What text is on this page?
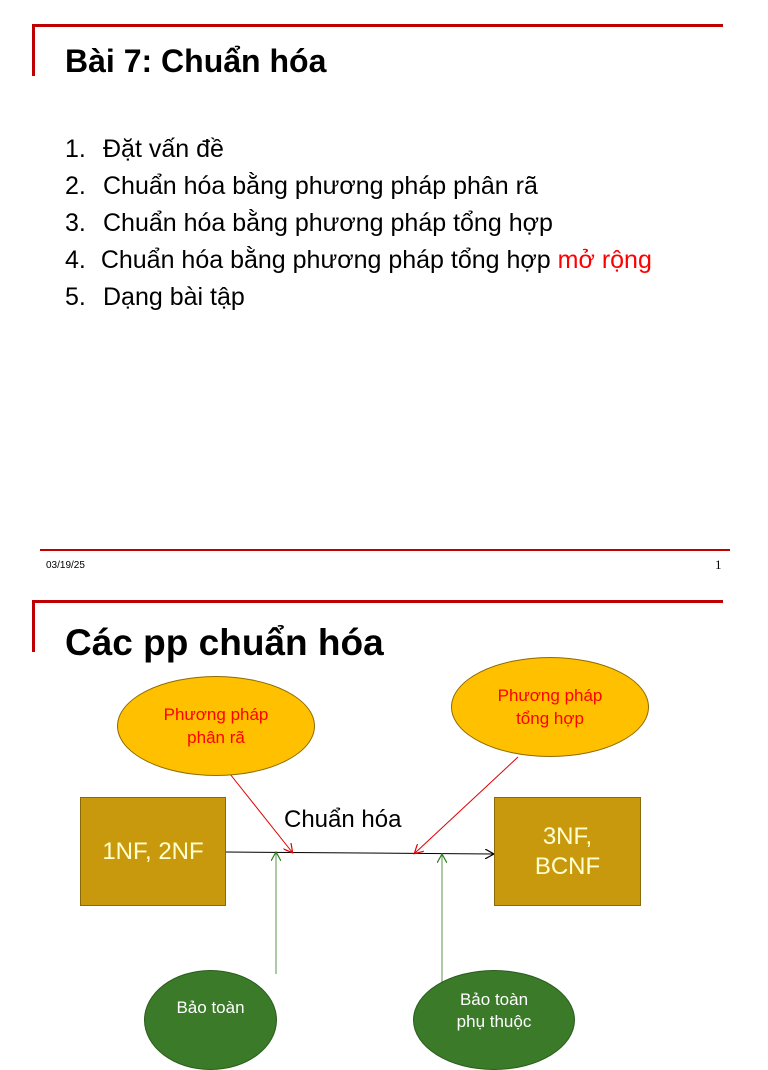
Bài 7: Chuẩn hóa
1. Đặt vấn đề
2. Chuẩn hóa bằng phương pháp phân rã
3. Chuẩn hóa bằng phương pháp tổng hợp
4. Chuẩn hóa bằng phương pháp tổng hợp mở rộng
5. Dạng bài tập
03/19/25	1
Các pp chuẩn hóa
Phương pháp
phân rã
Phương pháp
tổng hợp
1NF, 2NF
3NF,
BCNF
Chuẩn hóa
Bảo toàn	Bảo toàn
phụ thuộc
